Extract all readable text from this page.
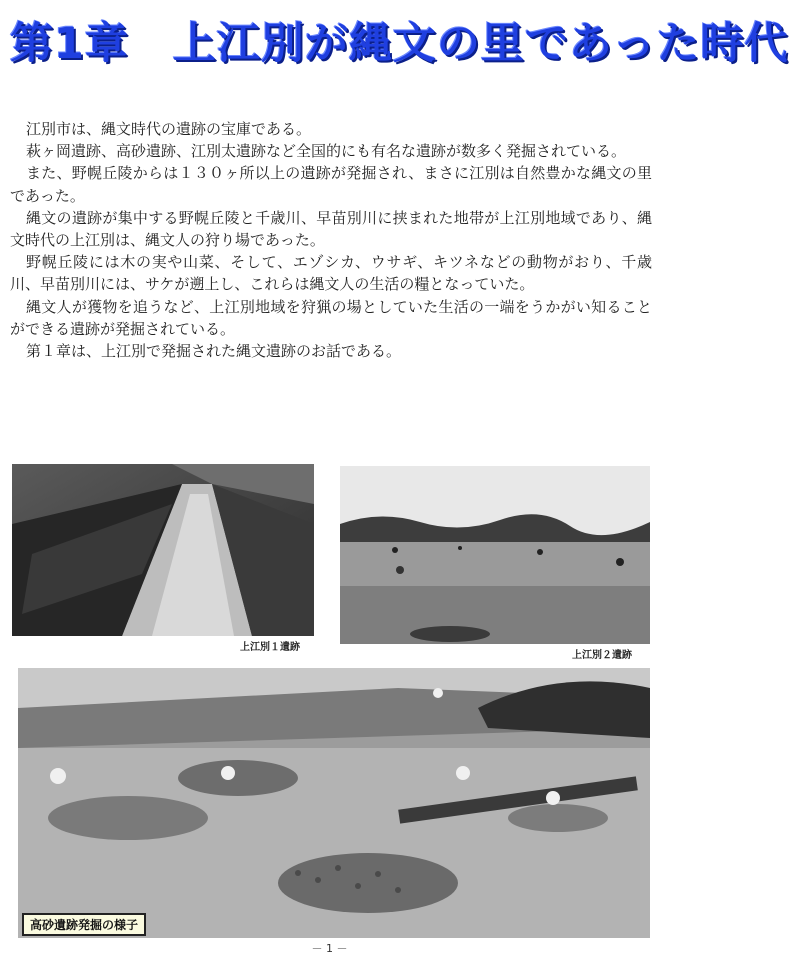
第1章　上江別が縄文の里であった時代

江別市は、縄文時代の遺跡の宝庫である。

萩ヶ岡遺跡、高砂遺跡、江別太遺跡など全国的にも有名な遺跡が数多く発掘されている。

また、野幌丘陵からは１３０ヶ所以上の遺跡が発掘され、まさに江別は自然豊かな縄文の里であった。

縄文の遺跡が集中する野幌丘陵と千歳川、早苗別川に挟まれた地帯が上江別地域であり、縄文時代の上江別は、縄文人の狩り場であった。

野幌丘陵には木の実や山菜、そして、エゾシカ、ウサギ、キツネなどの動物がおり、千歳川、早苗別川には、サケが遡上し、これらは縄文人の生活の糧となっていた。

縄文人が獲物を追うなど、上江別地域を狩猟の場としていた生活の一端をうかがい知ることができる遺跡が発掘されている。

第１章は、上江別で発掘された縄文遺跡のお話である。

上江別１遺跡
上江別２遺跡
高砂遺跡発掘の様子
－ 1 －
